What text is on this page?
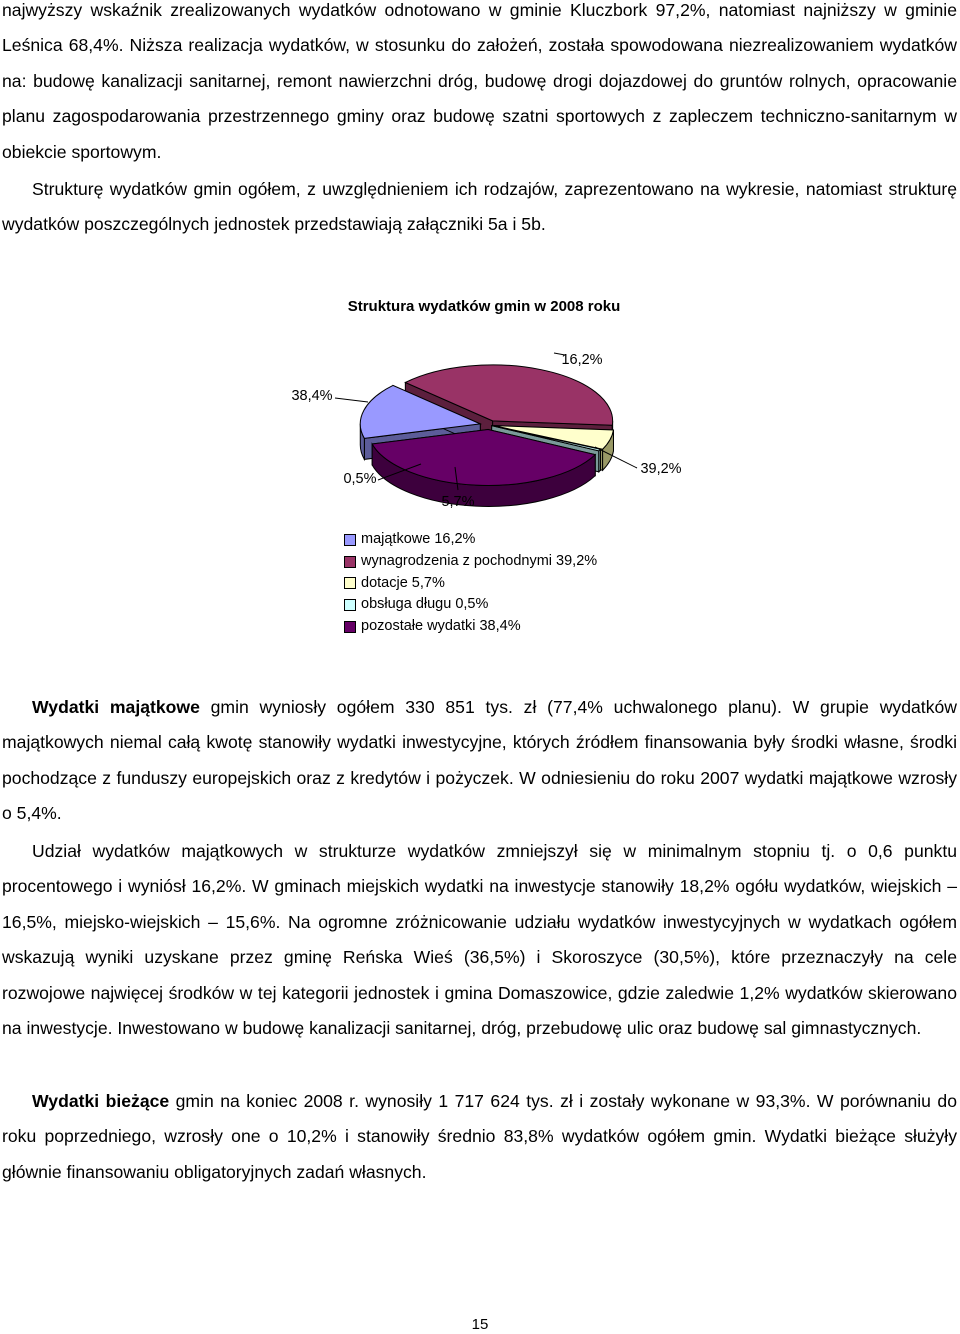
najwyższy wskaźnik zrealizowanych wydatków odnotowano w gminie Kluczbork 97,2%, natomiast najniższy w gminie Leśnica 68,4%. Niższa realizacja wydatków, w stosunku do założeń, została spowodowana niezrealizowaniem wydatków na: budowę kanalizacji sanitarnej, remont nawierzchni dróg, budowę drogi dojazdowej do gruntów rolnych, opracowanie planu zagospodarowania przestrzennego gminy oraz budowę szatni sportowych z zapleczem techniczno-sanitarnym w obiekcie sportowym.

Strukturę wydatków gmin ogółem, z uwzględnieniem ich rodzajów, zaprezentowano na wykresie, natomiast strukturę wydatków poszczególnych jednostek przedstawiają załączniki 5a i 5b.

Struktura wydatków gmin w 2008 roku
16,2%
39,2%
5,7%
0,5%
38,4%
majątkowe 16,2%
wynagrodzenia z pochodnymi 39,2%
dotacje 5,7%
obsługa długu 0,5%
pozostałe wydatki 38,4%

Wydatki majątkowe gmin wyniosły ogółem 330 851 tys. zł (77,4% uchwalonego planu). W grupie wydatków majątkowych niemal całą kwotę stanowiły wydatki inwestycyjne, których źródłem finansowania były środki własne, środki pochodzące z funduszy europejskich oraz z kredytów i pożyczek. W odniesieniu do roku 2007 wydatki majątkowe wzrosły o 5,4%.

Udział wydatków majątkowych w strukturze wydatków zmniejszył się w minimalnym stopniu tj. o 0,6 punktu procentowego i wyniósł 16,2%. W gminach miejskich wydatki na inwestycje stanowiły 18,2% ogółu wydatków, wiejskich – 16,5%, miejsko-wiejskich – 15,6%. Na ogromne zróżnicowanie udziału wydatków inwestycyjnych w wydatkach ogółem wskazują wyniki uzyskane przez gminę Reńska Wieś (36,5%) i Skoroszyce (30,5%), które przeznaczyły na cele rozwojowe najwięcej środków w tej kategorii jednostek i gmina Domaszowice, gdzie zaledwie 1,2% wydatków skierowano na inwestycje. Inwestowano w budowę kanalizacji sanitarnej, dróg, przebudowę ulic oraz budowę sal gimnastycznych.

Wydatki bieżące gmin na koniec 2008 r. wynosiły 1 717 624 tys. zł i zostały wykonane w 93,3%. W porównaniu do roku poprzedniego, wzrosły one o 10,2% i stanowiły średnio 83,8% wydatków ogółem gmin. Wydatki bieżące służyły głównie finansowaniu obligatoryjnych zadań własnych.

15
